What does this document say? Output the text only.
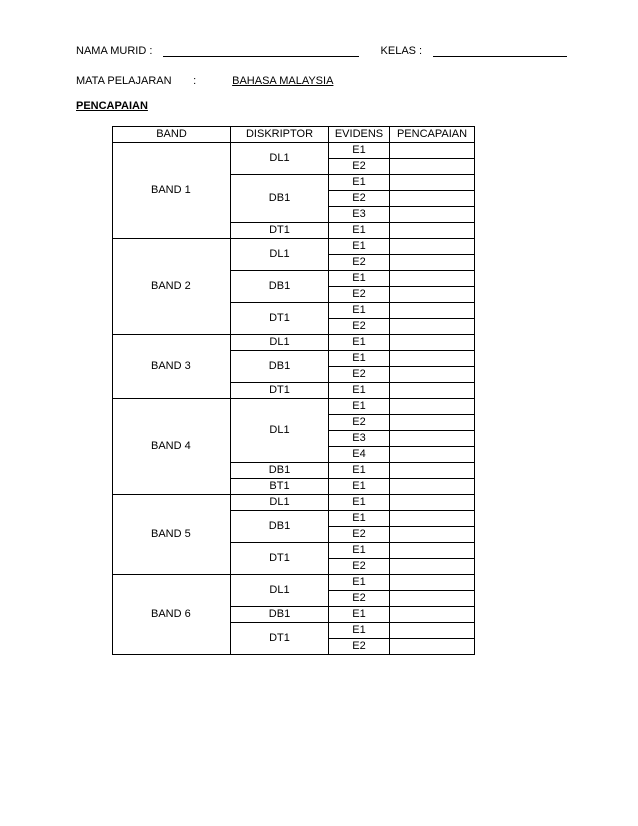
NAMA MURID :	KELAS :
MATA PELAJARAN :	BAHASA MALAYSIA
PENCAPAIAN
BAND	DISKRIPTOR	EVIDENS	PENCAPAIAN
BAND 1	DL1	E1	
		E2	
	DB1	E1	
		E2	
		E3	
	DT1	E1	
BAND 2	DL1	E1	
		E2	
	DB1	E1	
		E2	
	DT1	E1	
		E2	
BAND 3	DL1	E1	
	DB1	E1	
		E2	
	DT1	E1	
BAND 4	DL1	E1	
		E2	
		E3	
		E4	
	DB1	E1	
	BT1	E1	
BAND 5	DL1	E1	
	DB1	E1	
		E2	
	DT1	E1	
		E2	
BAND 6	DL1	E1	
		E2	
	DB1	E1	
	DT1	E1	
		E2	
